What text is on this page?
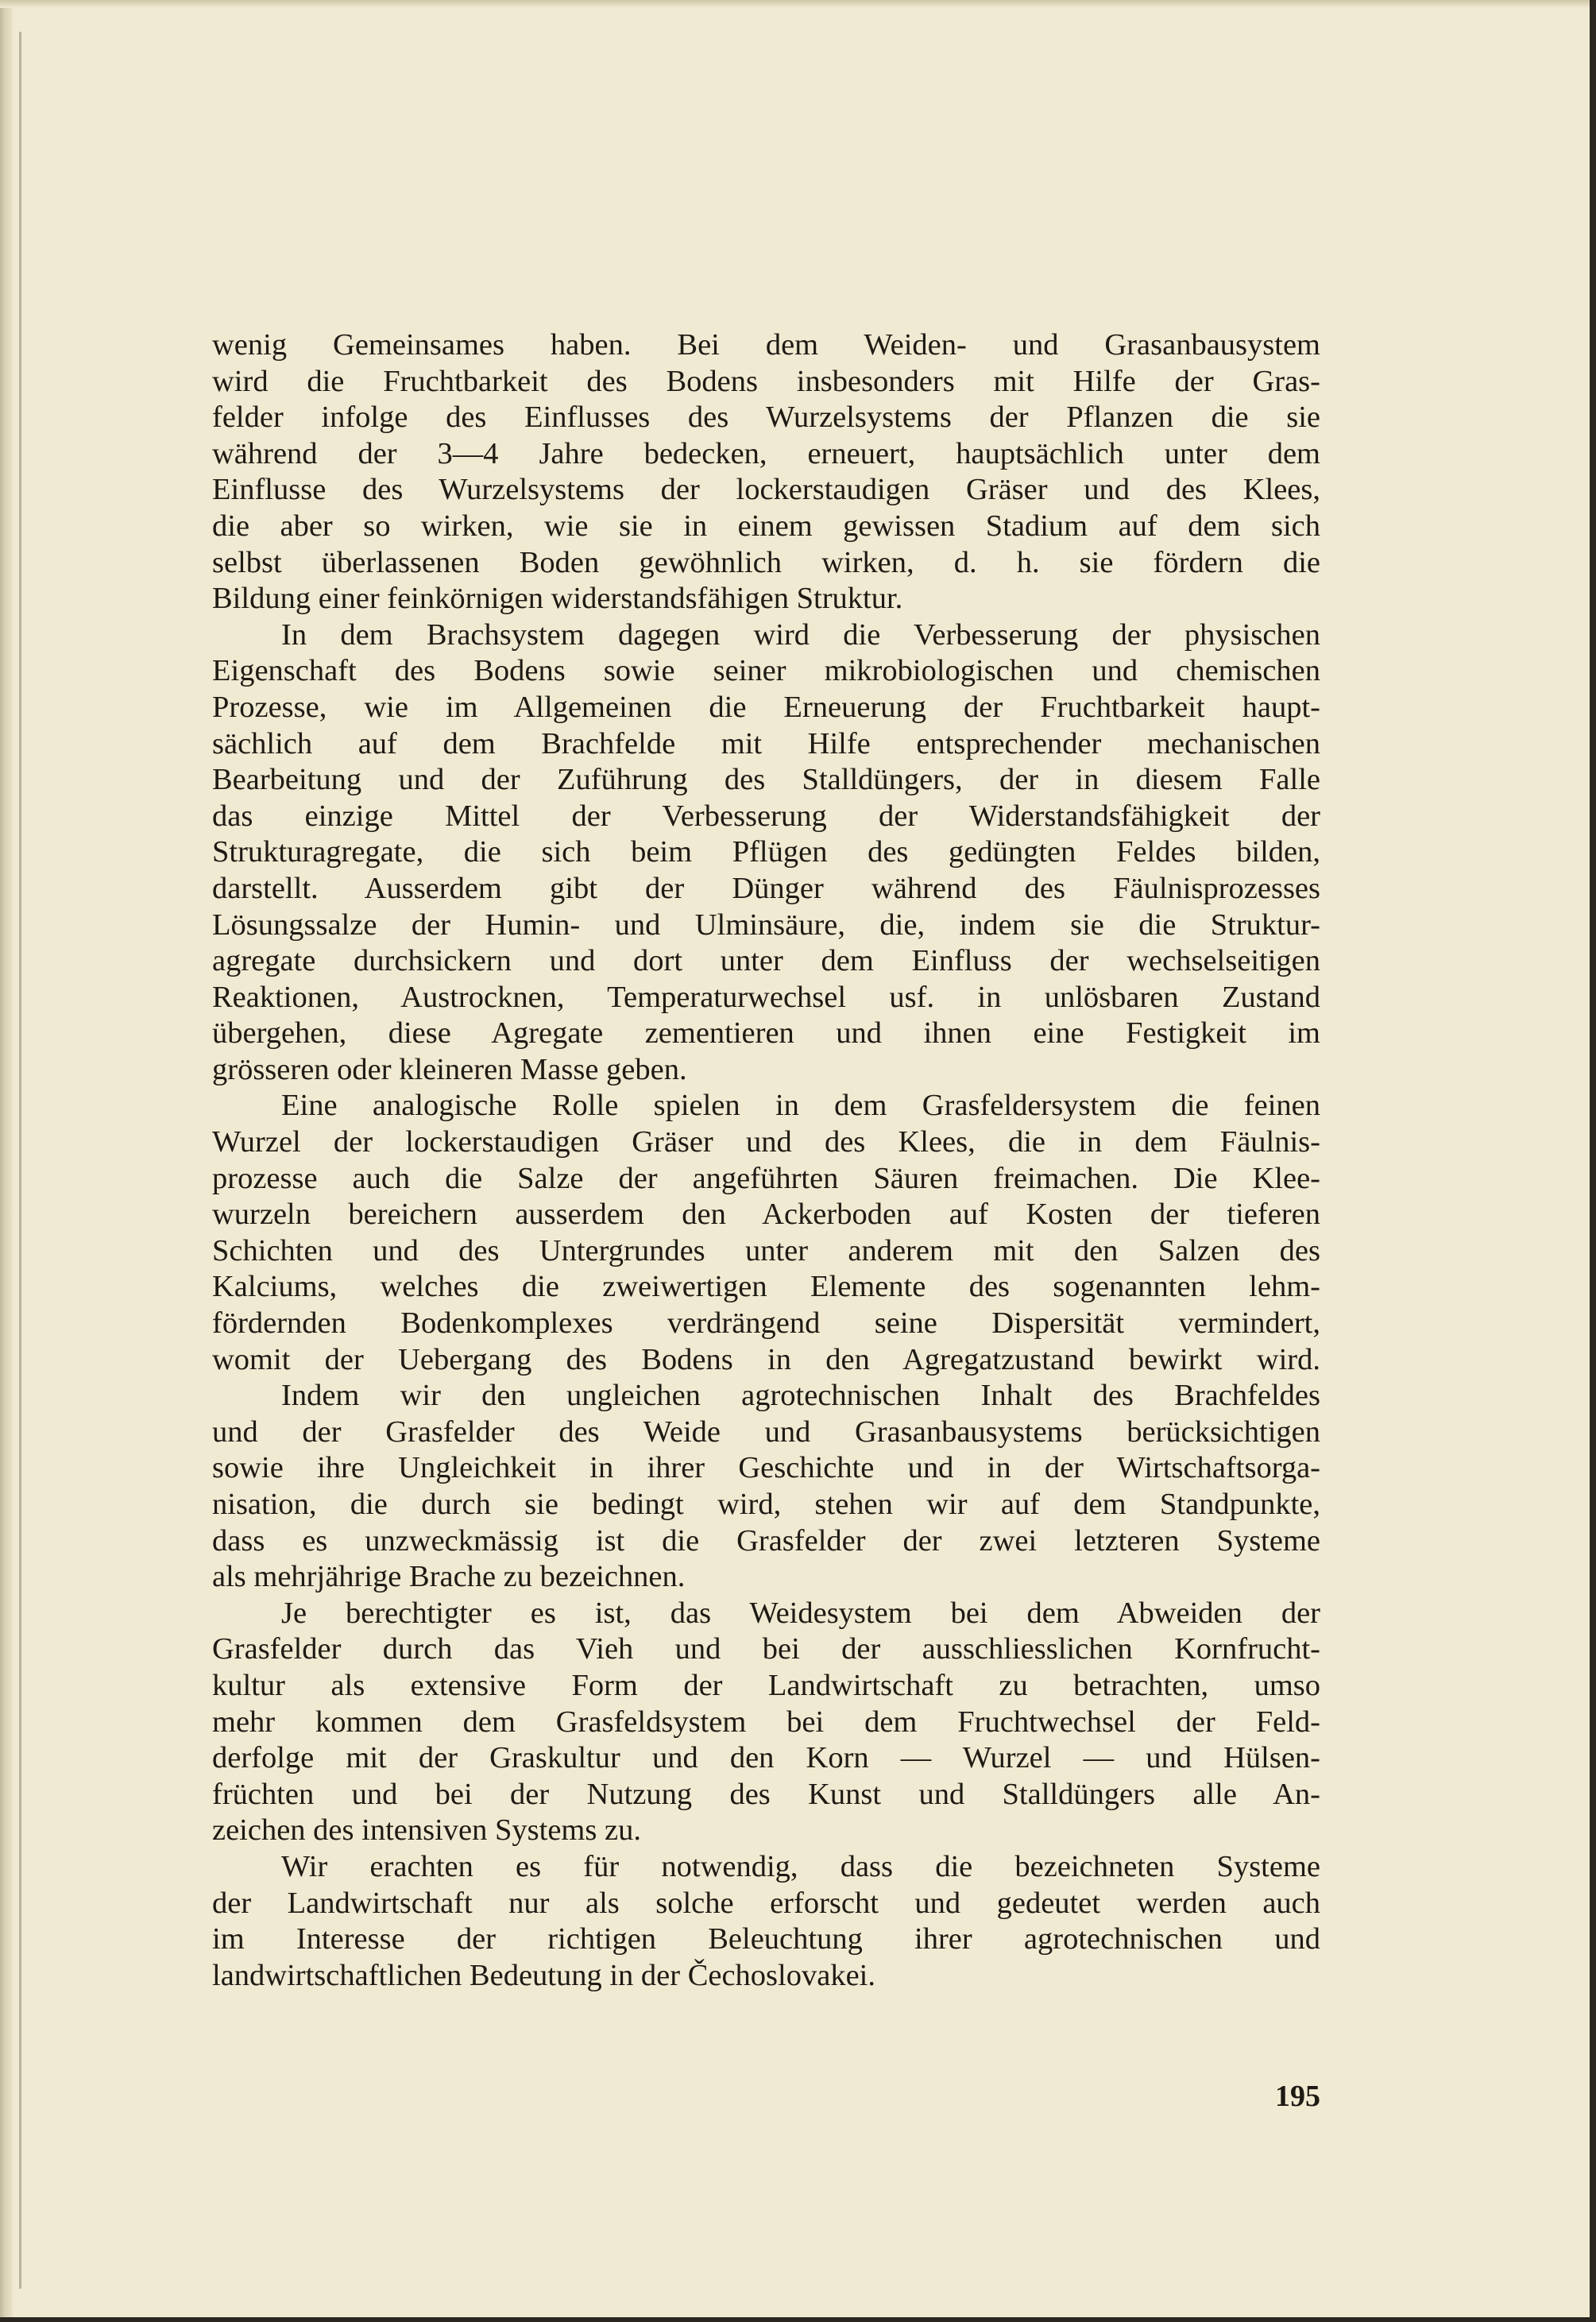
wenig Gemeinsames haben. Bei dem Weiden- und Grasanbausystem
wird die Fruchtbarkeit des Bodens insbesonders mit Hilfe der Gras-
felder infolge des Einflusses des Wurzelsystems der Pflanzen die sie
während der 3—4 Jahre bedecken, erneuert, hauptsächlich unter dem
Einflusse des Wurzelsystems der lockerstaudigen Gräser und des Klees,
die aber so wirken, wie sie in einem gewissen Stadium auf dem sich
selbst überlassenen Boden gewöhnlich wirken, d. h. sie fördern die
Bildung einer feinkörnigen widerstandsfähigen Struktur.

In dem Brachsystem dagegen wird die Verbesserung der physischen
Eigenschaft des Bodens sowie seiner mikrobiologischen und chemischen
Prozesse, wie im Allgemeinen die Erneuerung der Fruchtbarkeit haupt-
sächlich auf dem Brachfelde mit Hilfe entsprechender mechanischen
Bearbeitung und der Zuführung des Stalldüngers, der in diesem Falle
das einzige Mittel der Verbesserung der Widerstandsfähigkeit der
Strukturagregate, die sich beim Pflügen des gedüngten Feldes bilden,
darstellt. Ausserdem gibt der Dünger während des Fäulnisprozesses
Lösungssalze der Humin- und Ulminsäure, die, indem sie die Struktur-
agregate durchsickern und dort unter dem Einfluss der wechselseitigen
Reaktionen, Austrocknen, Temperaturwechsel usf. in unlösbaren Zustand
übergehen, diese Agregate zementieren und ihnen eine Festigkeit im
grösseren oder kleineren Masse geben.

Eine analogische Rolle spielen in dem Grasfeldersystem die feinen
Wurzel der lockerstaudigen Gräser und des Klees, die in dem Fäulnis-
prozesse auch die Salze der angeführten Säuren freimachen. Die Klee-
wurzeln bereichern ausserdem den Ackerboden auf Kosten der tieferen
Schichten und des Untergrundes unter anderem mit den Salzen des
Kalciums, welches die zweiwertigen Elemente des sogenannten lehm-
fördernden Bodenkomplexes verdrängend seine Dispersität vermindert,
womit der Uebergang des Bodens in den Agregatzustand bewirkt wird.

Indem wir den ungleichen agrotechnischen Inhalt des Brachfeldes
und der Grasfelder des Weide und Grasanbausystems berücksichtigen
sowie ihre Ungleichkeit in ihrer Geschichte und in der Wirtschaftsorga-
nisation, die durch sie bedingt wird, stehen wir auf dem Standpunkte,
dass es unzweckmässig ist die Grasfelder der zwei letzteren Systeme
als mehrjährige Brache zu bezeichnen.

Je berechtigter es ist, das Weidesystem bei dem Abweiden der
Grasfelder durch das Vieh und bei der ausschliesslichen Kornfrucht-
kultur als extensive Form der Landwirtschaft zu betrachten, umso
mehr kommen dem Grasfeldsystem bei dem Fruchtwechsel der Feld-
derfolge mit der Graskultur und den Korn — Wurzel — und Hülsen-
früchten und bei der Nutzung des Kunst und Stalldüngers alle An-
zeichen des intensiven Systems zu.

Wir erachten es für notwendig, dass die bezeichneten Systeme
der Landwirtschaft nur als solche erforscht und gedeutet werden auch
im Interesse der richtigen Beleuchtung ihrer agrotechnischen und
landwirtschaftlichen Bedeutung in der Čechoslovakei.

195
